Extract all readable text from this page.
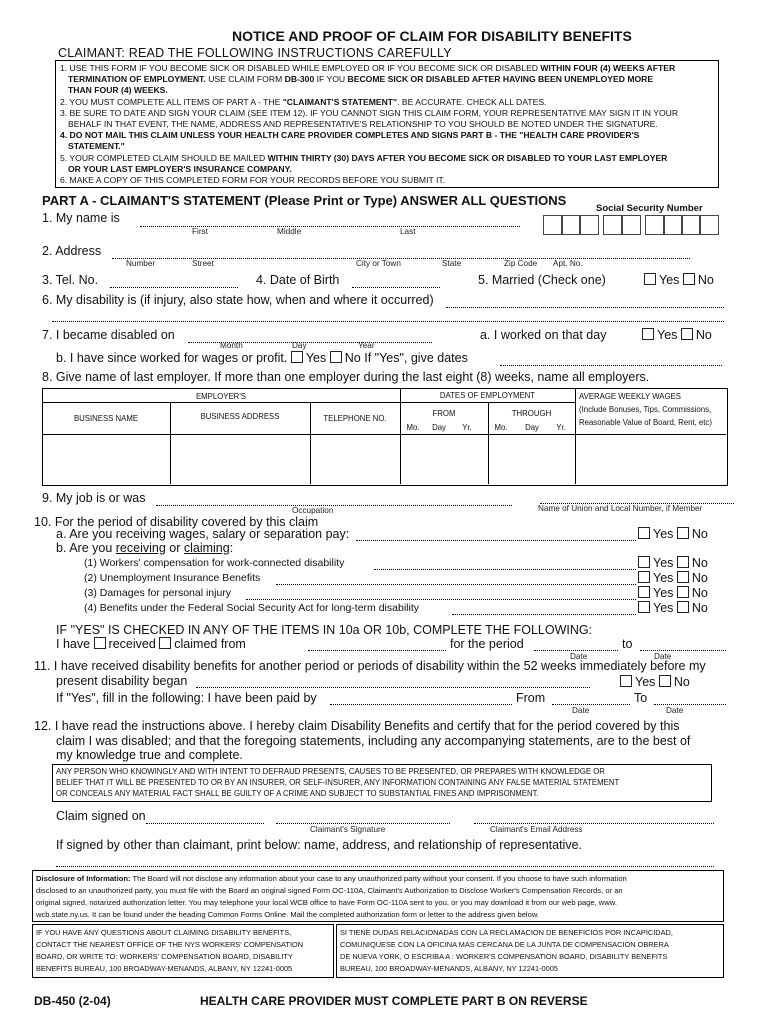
NOTICE AND PROOF OF CLAIM FOR DISABILITY BENEFITS
CLAIMANT: READ THE FOLLOWING INSTRUCTIONS CAREFULLY
1. USE THIS FORM IF YOU BECOME SICK OR DISABLED WHILE EMPLOYED OR IF YOU BECOME SICK OR DISABLED WITHIN FOUR (4) WEEKS AFTER
TERMINATION OF EMPLOYMENT. USE CLAIM FORM DB-300 IF YOU BECOME SICK OR DISABLED AFTER HAVING BEEN UNEMPLOYED MORE
THAN FOUR (4) WEEKS.
2. YOU MUST COMPLETE ALL ITEMS OF PART A - THE "CLAIMANT'S STATEMENT". BE ACCURATE. CHECK ALL DATES.
3. BE SURE TO DATE AND SIGN YOUR CLAIM (SEE ITEM 12). IF YOU CANNOT SIGN THIS CLAIM FORM, YOUR REPRESENTATIVE MAY SIGN IT IN YOUR
BEHALF IN THAT EVENT, THE NAME, ADDRESS AND REPRESENTATIVE'S RELATIONSHIP TO YOU SHOULD BE NOTED UNDER THE SIGNATURE.
4. DO NOT MAIL THIS CLAIM UNLESS YOUR HEALTH CARE PROVIDER COMPLETES AND SIGNS PART B - THE "HEALTH CARE PROVIDER'S
STATEMENT."
5. YOUR COMPLETED CLAIM SHOULD BE MAILED WITHIN THIRTY (30) DAYS AFTER YOU BECOME SICK OR DISABLED TO YOUR LAST EMPLOYER
OR YOUR LAST EMPLOYER'S INSURANCE COMPANY.
6. MAKE A COPY OF THIS COMPLETED FORM FOR YOUR RECORDS BEFORE YOU SUBMIT IT.
PART A - CLAIMANT'S STATEMENT (Please Print or Type) ANSWER ALL QUESTIONS
Social Security Number
1. My name is
First	Middle	Last
2. Address
Number	Street	City or Town	State	Zip Code Apt. No.
3. Tel. No.	4. Date of Birth	5. Married (Check one)	Yes No
6. My disability is (if injury, also state how, when and where it occurred)
7. I became disabled on
Month	Day	Year
a. I worked on that day	Yes No
b. I have since worked for wages or profit. Yes No If "Yes", give dates
8. Give name of last employer. If more than one employer during the last eight (8) weeks, name all employers.
EMPLOYER'S
BUSINESS NAME	BUSINESS ADDRESS	TELEPHONE NO.
DATES OF EMPLOYMENT
FROM	THROUGH
Mo.	Day	Yr.	Mo.	Day	Yr.
AVERAGE WEEKLY WAGES
(Include Bonuses, Tips, Commissions,
Reasonable Value of Board, Rent, etc)
9. My job is or was
Occupation	Name of Union and Local Number, if Member
10. For the period of disability covered by this claim
a. Are you receiving wages, salary or separation pay:	Yes No
b. Are you receiving or claiming:
(1) Workers' compensation for work-connected disability	Yes No
(2) Unemployment Insurance Benefits	Yes No
(3) Damages for personal injury	Yes No
(4) Benefits under the Federal Social Security Act for long-term disability	Yes No
IF "YES" IS CHECKED IN ANY OF THE ITEMS IN 10a OR 10b, COMPLETE THE FOLLOWING:
I have received claimed from	for the period
Date
to
Date
11. I have received disability benefits for another period or periods of disability within the 52 weeks immediately before my
present disability began	Yes No
If "Yes", fill in the following: I have been paid by	From
Date
To
Date
12. I have read the instructions above. I hereby claim Disability Benefits and certify that for the period covered by this
claim I was disabled; and that the foregoing statements, including any accompanying statements, are to the best of
my knowledge true and complete.
ANY PERSON WHO KNOWINGLY AND WITH INTENT TO DEFRAUD PRESENTS, CAUSES TO BE PRESENTED, OR PREPARES WITH KNOWLEDGE OR
BELIEF THAT IT WILL BE PRESENTED TO OR BY AN INSURER, OR SELF-INSURER, ANY INFORMATION CONTAINING ANY FALSE MATERIAL STATEMENT
OR CONCEALS ANY MATERIAL FACT SHALL BE GUILTY OF A CRIME AND SUBJECT TO SUBSTANTIAL FINES AND IMPRISONMENT.
Claim signed on
Claimant's Signature	Claimant's Email Address
If signed by other than claimant, print below: name, address, and relationship of representative.
Disclosure of Information: The Board will not disclose any information about your case to any unauthorized party without your consent. If you choose to have such information
disclosed to an unauthorized party, you must file with the Board an original signed Form OC-110A, Claimant's Authorization to Disclose Worker's Compensation Records, or an
original signed, notarized authorization letter. You may telephone your local WCB office to have Form OC-110A sent to you, or you may download it from our web page, www.
wcb.state.ny.us. It can be found under the heading Common Forms Online. Mail the completed authorization form or letter to the address given below.
IF YOU HAVE ANY QUESTIONS ABOUT CLAIMING DISABILITY BENEFITS,
CONTACT THE NEAREST OFFICE OF THE NYS WORKERS' COMPENSATION
BOARD, OR WRITE TO: WORKERS' COMPENSATION BOARD, DISABILITY
BENEFITS BUREAU, 100 BROADWAY-MENANDS, ALBANY, NY 12241-0005
SI TIENE DUDAS RELACIONADAS CON LA RECLAMACION DE BENEFICIOS POR INCAPICIDAD,
COMUNIQUESE CON LA OFICINA MAS CERCANA DE LA JUNTA DE COMPENSACION OBRERA
DE NUEVA YORK, O ESCRIBA A : WORKER'S COMPENSATION BOARD, DISABILITY BENEFITS
BUREAU, 100 BROADWAY-MENANDS, ALBANY, NY 12241-0005
DB-450 (2-04)	HEALTH CARE PROVIDER MUST COMPLETE PART B ON REVERSE
